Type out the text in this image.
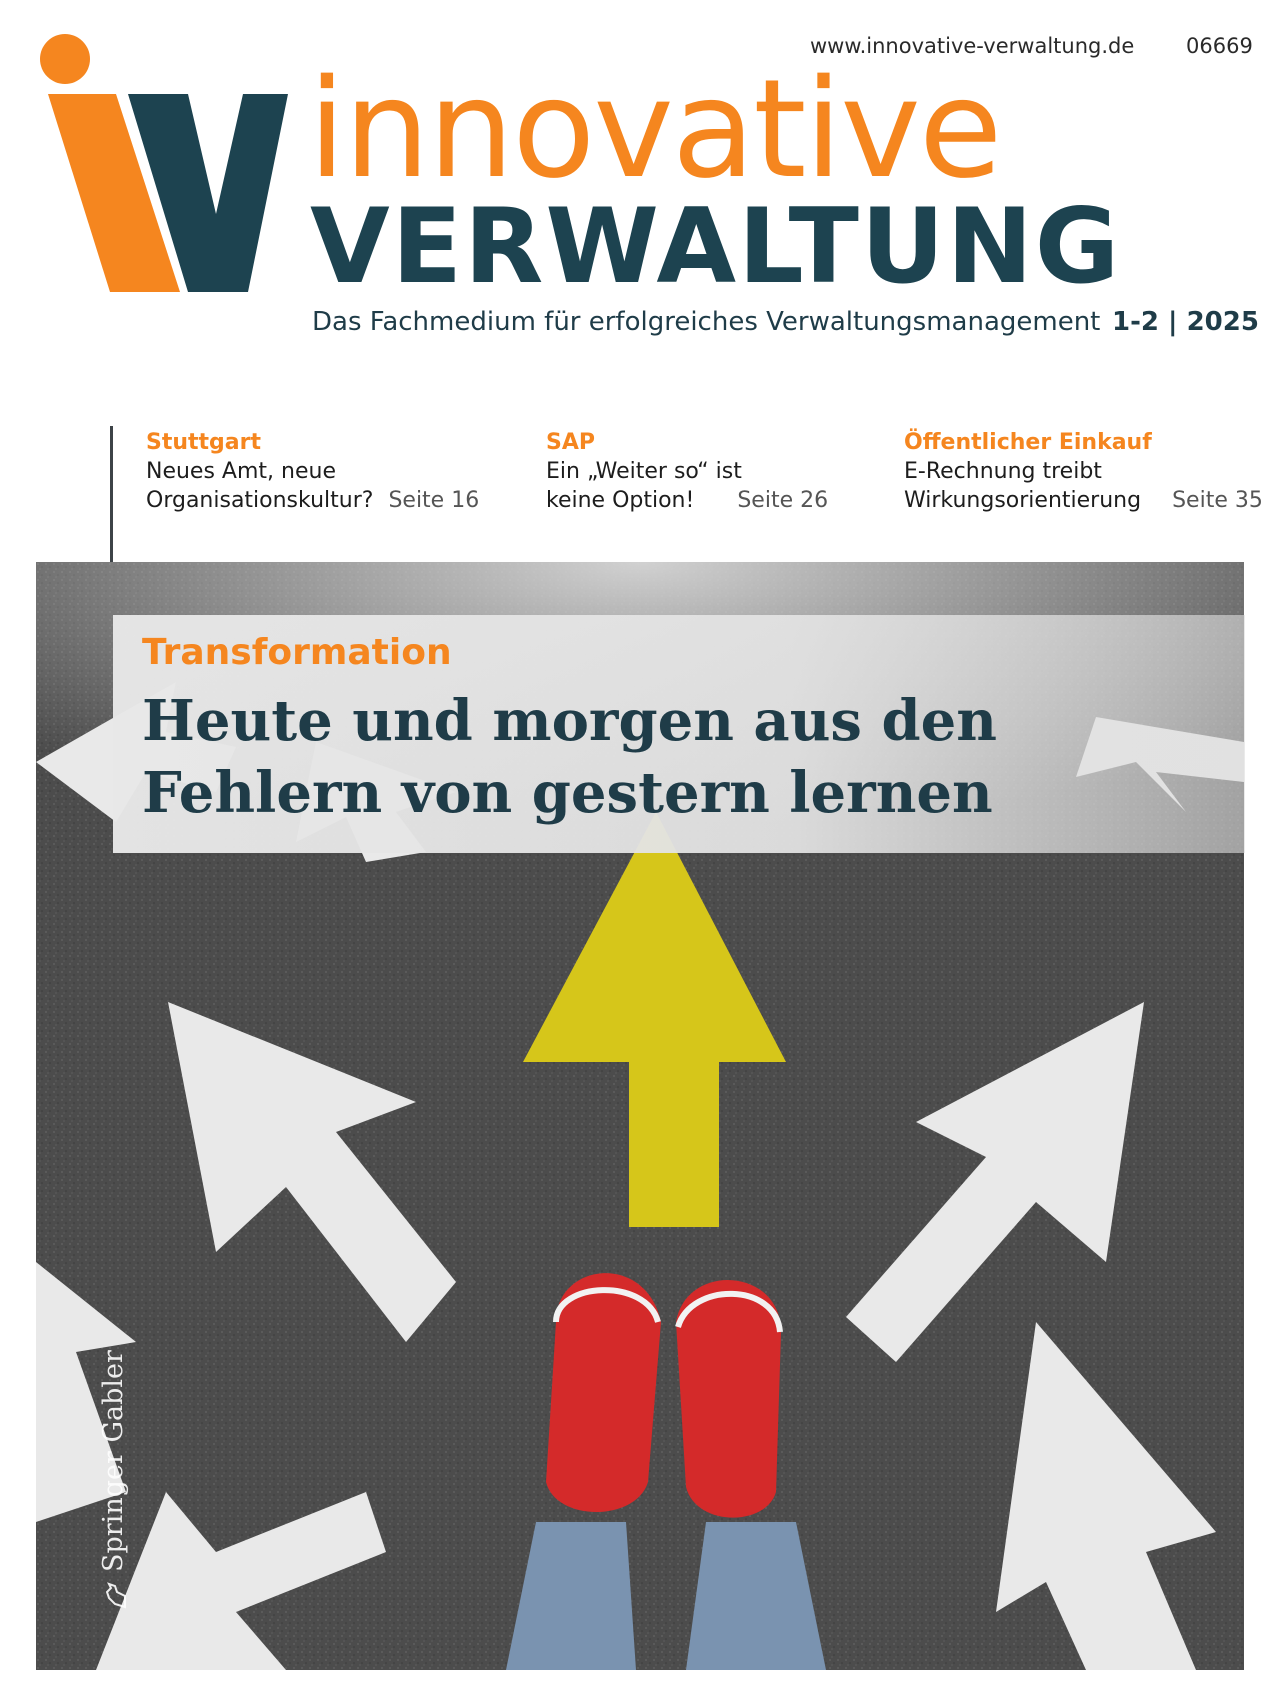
www.innovative-verwaltung.de 06669
innovative
VERWALTUNG
Das Fachmedium für erfolgreiches Verwaltungsmanagement 1-2 | 2025
Stuttgart
Neues Amt, neue
Organisationskultur? Seite 16
SAP
Ein „Weiter so“ ist
keine Option! Seite 26
Öffentlicher Einkauf
E-Rechnung treibt
Wirkungsorientierung Seite 35
Transformation
Heute und morgen aus den
Fehlern von gestern lernen
Springer Gabler
